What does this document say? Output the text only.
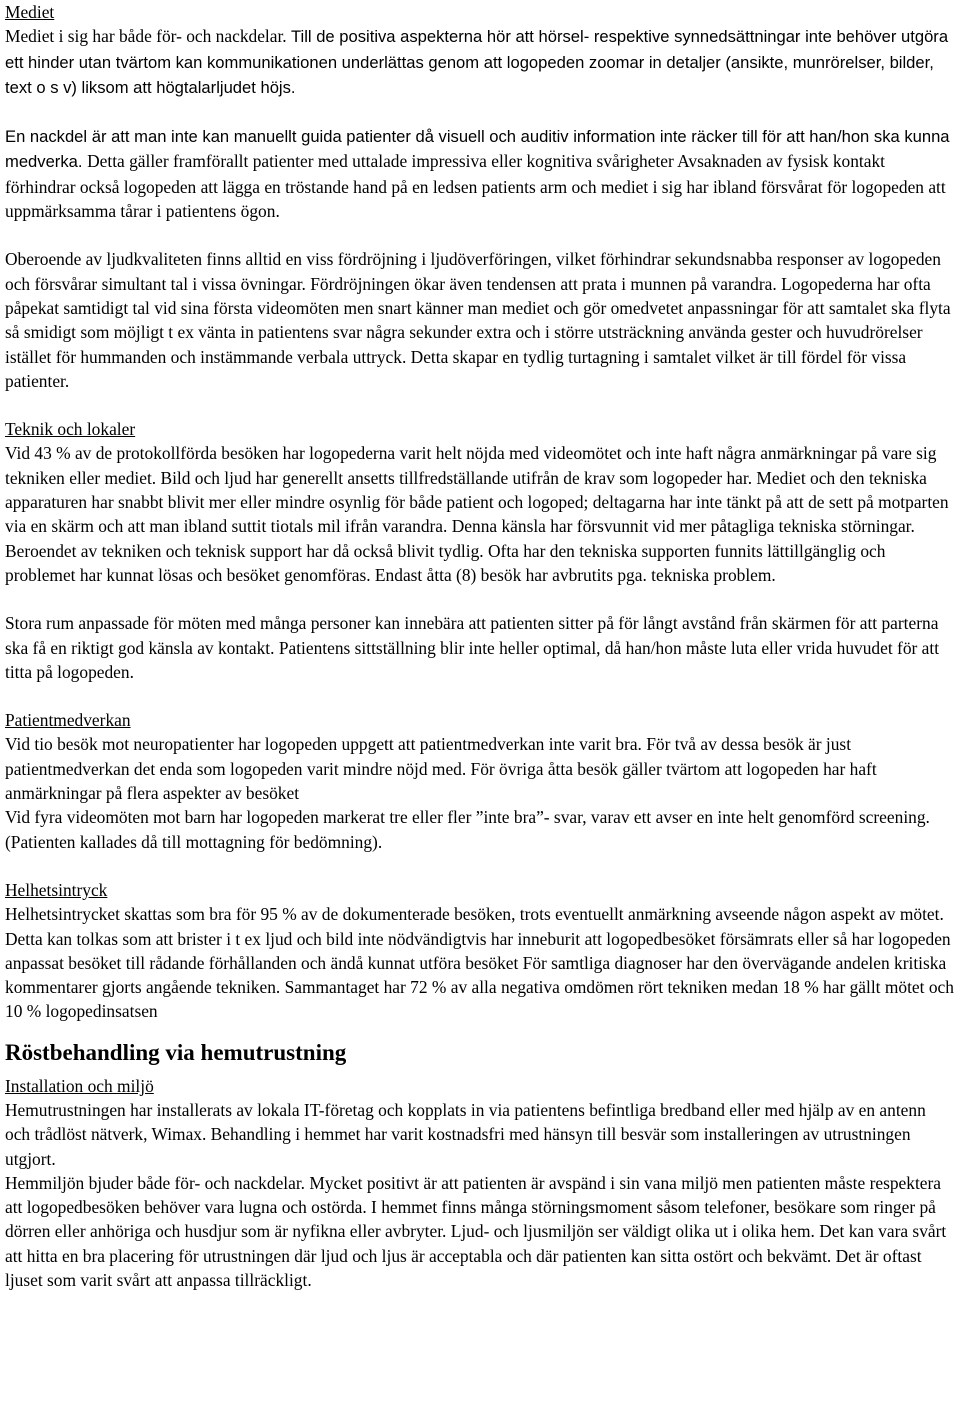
Mediet

Mediet i sig har både för- och nackdelar. Till de positiva aspekterna hör att hörsel- respektive synnedsättningar inte behöver utgöra ett hinder utan tvärtom kan kommunikationen underlättas genom att logopeden zoomar in detaljer (ansikte, munrörelser, bilder, text o s v) liksom att högtalarljudet höjs.

En nackdel är att man inte kan manuellt guida patienter då visuell och auditiv information inte räcker till för att han/hon ska kunna medverka. Detta gäller framförallt patienter med uttalade impressiva eller kognitiva svårigheter Avsaknaden av fysisk kontakt förhindrar också logopeden att lägga en tröstande hand på en ledsen patients arm och mediet i sig har ibland försvårat för logopeden att uppmärksamma tårar i patientens ögon.

Oberoende av ljudkvaliteten finns alltid en viss fördröjning i ljudöverföringen, vilket förhindrar sekundsnabba responser av logopeden och försvårar simultant tal i vissa övningar. Fördröjningen ökar även tendensen att prata i munnen på varandra. Logopederna har ofta påpekat samtidigt tal vid sina första videomöten men snart känner man mediet och gör omedvetet anpassningar för att samtalet ska flyta så smidigt som möjligt t ex vänta in patientens svar några sekunder extra och i större utsträckning använda gester och huvudrörelser istället för hummanden och instämmande verbala uttryck. Detta skapar en tydlig turtagning i samtalet vilket är till fördel för vissa patienter.

Teknik och lokaler

Vid 43 % av de protokollförda besöken har logopederna varit helt nöjda med videomötet och inte haft några anmärkningar på vare sig tekniken eller mediet. Bild och ljud har generellt ansetts tillfredställande utifrån de krav som logopeder har. Mediet och den tekniska apparaturen har snabbt blivit mer eller mindre osynlig för både patient och logoped; deltagarna har inte tänkt på att de sett på motparten via en skärm och att man ibland suttit tiotals mil ifrån varandra. Denna känsla har försvunnit vid mer påtagliga tekniska störningar. Beroendet av tekniken och teknisk support har då också blivit tydlig. Ofta har den tekniska supporten funnits lättillgänglig och problemet har kunnat lösas och besöket genomföras. Endast åtta (8) besök har avbrutits pga. tekniska problem.

Stora rum anpassade för möten med många personer kan innebära att patienten sitter på för långt avstånd från skärmen för att parterna ska få en riktigt god känsla av kontakt. Patientens sittställning blir inte heller optimal, då han/hon måste luta eller vrida huvudet för att titta på logopeden.

Patientmedverkan

Vid tio besök mot neuropatienter har logopeden uppgett att patientmedverkan inte varit bra. För två av dessa besök är just patientmedverkan det enda som logopeden varit mindre nöjd med. För övriga åtta besök gäller tvärtom att logopeden har haft anmärkningar på flera aspekter av besöket

Vid fyra videomöten mot barn har logopeden markerat tre eller fler ”inte bra”- svar, varav ett avser en inte helt genomförd screening. (Patienten kallades då till mottagning för bedömning).

Helhetsintryck

Helhetsintrycket skattas som bra för 95 % av de dokumenterade besöken, trots eventuellt anmärkning avseende någon aspekt av mötet. Detta kan tolkas som att brister i t ex ljud och bild inte nödvändigtvis har inneburit att logopedbesöket försämrats eller så har logopeden anpassat besöket till rådande förhållanden och ändå kunnat utföra besöket För samtliga diagnoser har den övervägande andelen kritiska kommentarer gjorts angående tekniken. Sammantaget har 72 % av alla negativa omdömen rört tekniken medan 18 % har gällt mötet och 10 % logopedinsatsen

Röstbehandling via hemutrustning
Installation och miljö

Hemutrustningen har installerats av lokala IT-företag och kopplats in via patientens befintliga bredband eller med hjälp av en antenn och trådlöst nätverk, Wimax. Behandling i hemmet har varit kostnadsfri med hänsyn till besvär som installeringen av utrustningen utgjort.

Hemmiljön bjuder både för- och nackdelar. Mycket positivt är att patienten är avspänd i sin vana miljö men patienten måste respektera att logopedbesöken behöver vara lugna och ostörda. I hemmet finns många störningsmoment såsom telefoner, besökare som ringer på dörren eller anhöriga och husdjur som är nyfikna eller avbryter. Ljud- och ljusmiljön ser väldigt olika ut i olika hem. Det kan vara svårt att hitta en bra placering för utrustningen där ljud och ljus är acceptabla och där patienten kan sitta ostört och bekvämt. Det är oftast ljuset som varit svårt att anpassa tillräckligt.
